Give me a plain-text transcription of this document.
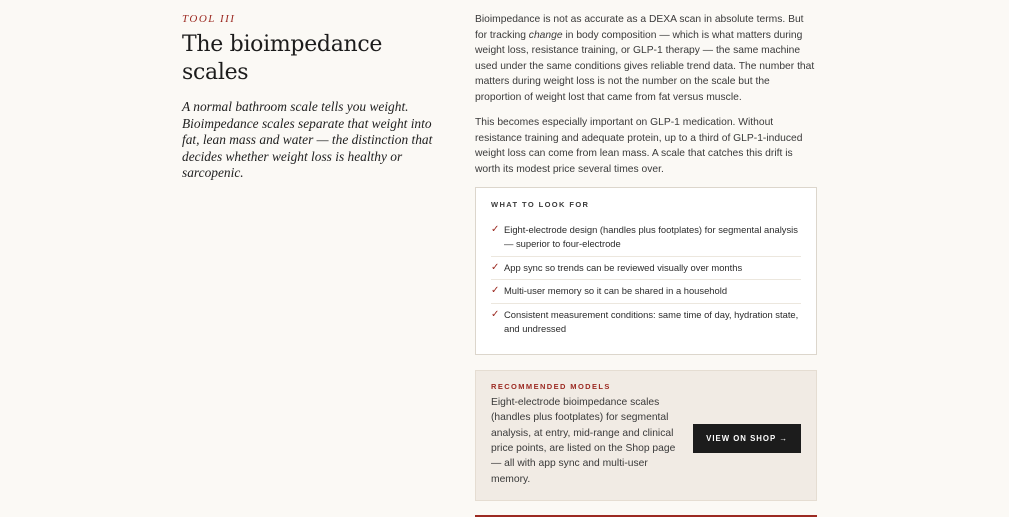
TOOL III

The bioimpedance scales

A normal bathroom scale tells you weight. Bioimpedance scales separate that weight into fat, lean mass and water — the distinction that decides whether weight loss is healthy or sarcopenic.

Bioimpedance is not as accurate as a DEXA scan in absolute terms. But for tracking change in body composition — which is what matters during weight loss, resistance training, or GLP-1 therapy — the same machine used under the same conditions gives reliable trend data. The number that matters during weight loss is not the number on the scale but the proportion of weight lost that came from fat versus muscle.

This becomes especially important on GLP-1 medication. Without resistance training and adequate protein, up to a third of GLP-1-induced weight loss can come from lean mass. A scale that catches this drift is worth its modest price several times over.

WHAT TO LOOK FOR

✓ Eight-electrode design (handles plus footplates) for segmental analysis — superior to four-electrode
✓ App sync so trends can be reviewed visually over months
✓ Multi-user memory so it can be shared in a household
✓ Consistent measurement conditions: same time of day, hydration state, and undressed

RECOMMENDED MODELS

Eight-electrode bioimpedance scales (handles plus footplates) for segmental analysis, at entry, mid-range and clinical price points, are listed on the Shop page — all with app sync and multi-user memory.
VIEW ON SHOP →
